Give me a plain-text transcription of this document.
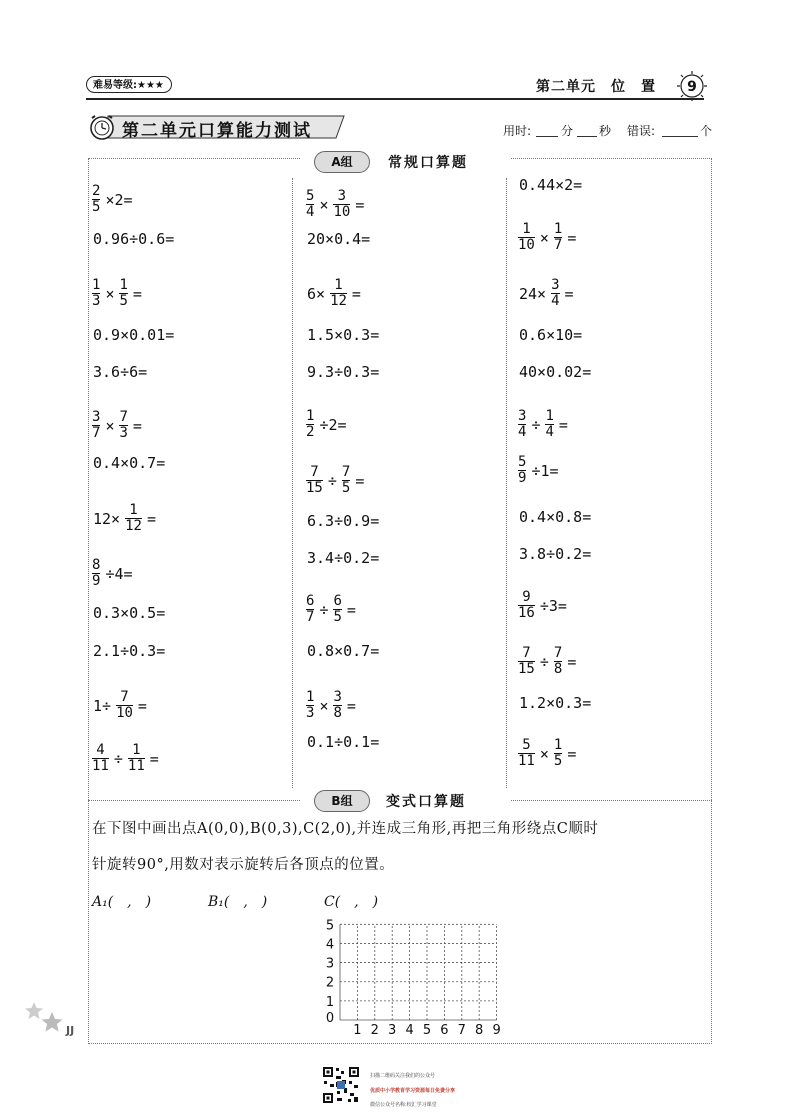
难易等级:★★★	第二单元　位　置 9
第二单元口算能力测试	用时: 分 秒 错误:	个
A组	常规口算题
$\frac{2}{5} \times 2=$
0.96÷0.6=
$\frac{1}{3} \times \frac{1}{5}$ =
0.9×0.01=
3.6÷6=
$\frac{3}{7} \times \frac{7}{3}$ =
0.4×0.7=
$12\times \frac{1}{12}$ =
$\frac{8}{9} \div 4=$
0.3×0.5=
2.1÷0.3=
$1\div \frac{7}{10}$ =
$\frac{4}{11} \div \frac{1}{11}$ =
$\frac{5}{4} \times \frac{3}{10}$ =
20×0.4=
$6\times \frac{1}{12}$ =
1.5×0.3=
9.3÷0.3=
$\frac{1}{2} \div 2=$
$\frac{7}{15} \div \frac{7}{5}$ =
6.3÷0.9=
3.4÷0.2=
$\frac{6}{7} \div \frac{6}{5}$ =
0.8×0.7=
$\frac{1}{3} \times \frac{3}{8}$ =
0.1÷0.1=
0.44×2=
$\frac{1}{10} \times \frac{1}{7}$ =
$24\times \frac{3}{4}$ =
0.6×10=
40×0.02=
$\frac{3}{4} \div \frac{1}{4}$ =
$\frac{5}{9} \div 1=$
0.4×0.8=
3.8÷0.2=
$\frac{9}{16} \div 3=$
$\frac{7}{15} \div \frac{7}{8}$ =
1.2×0.3=
$\frac{5}{11} \times \frac{1}{5}$ =
B组	变式口算题
在下图中画出点A(0,0),B(0,3),C(2,0),并连成三角形,再把三角形绕点C顺时
针旋转90°,用数对表示旋转后各顶点的位置。
A₁(　,　)	B₁(　,　)	C(　,　)
0
1 2 3 4 5 6 7 8 9
1
2
3
4
5
JJ
扫描二维码关注我们的公众号
优质中小学教育学习资源每日免费分享
微信公众号名称:校汇学习课堂
